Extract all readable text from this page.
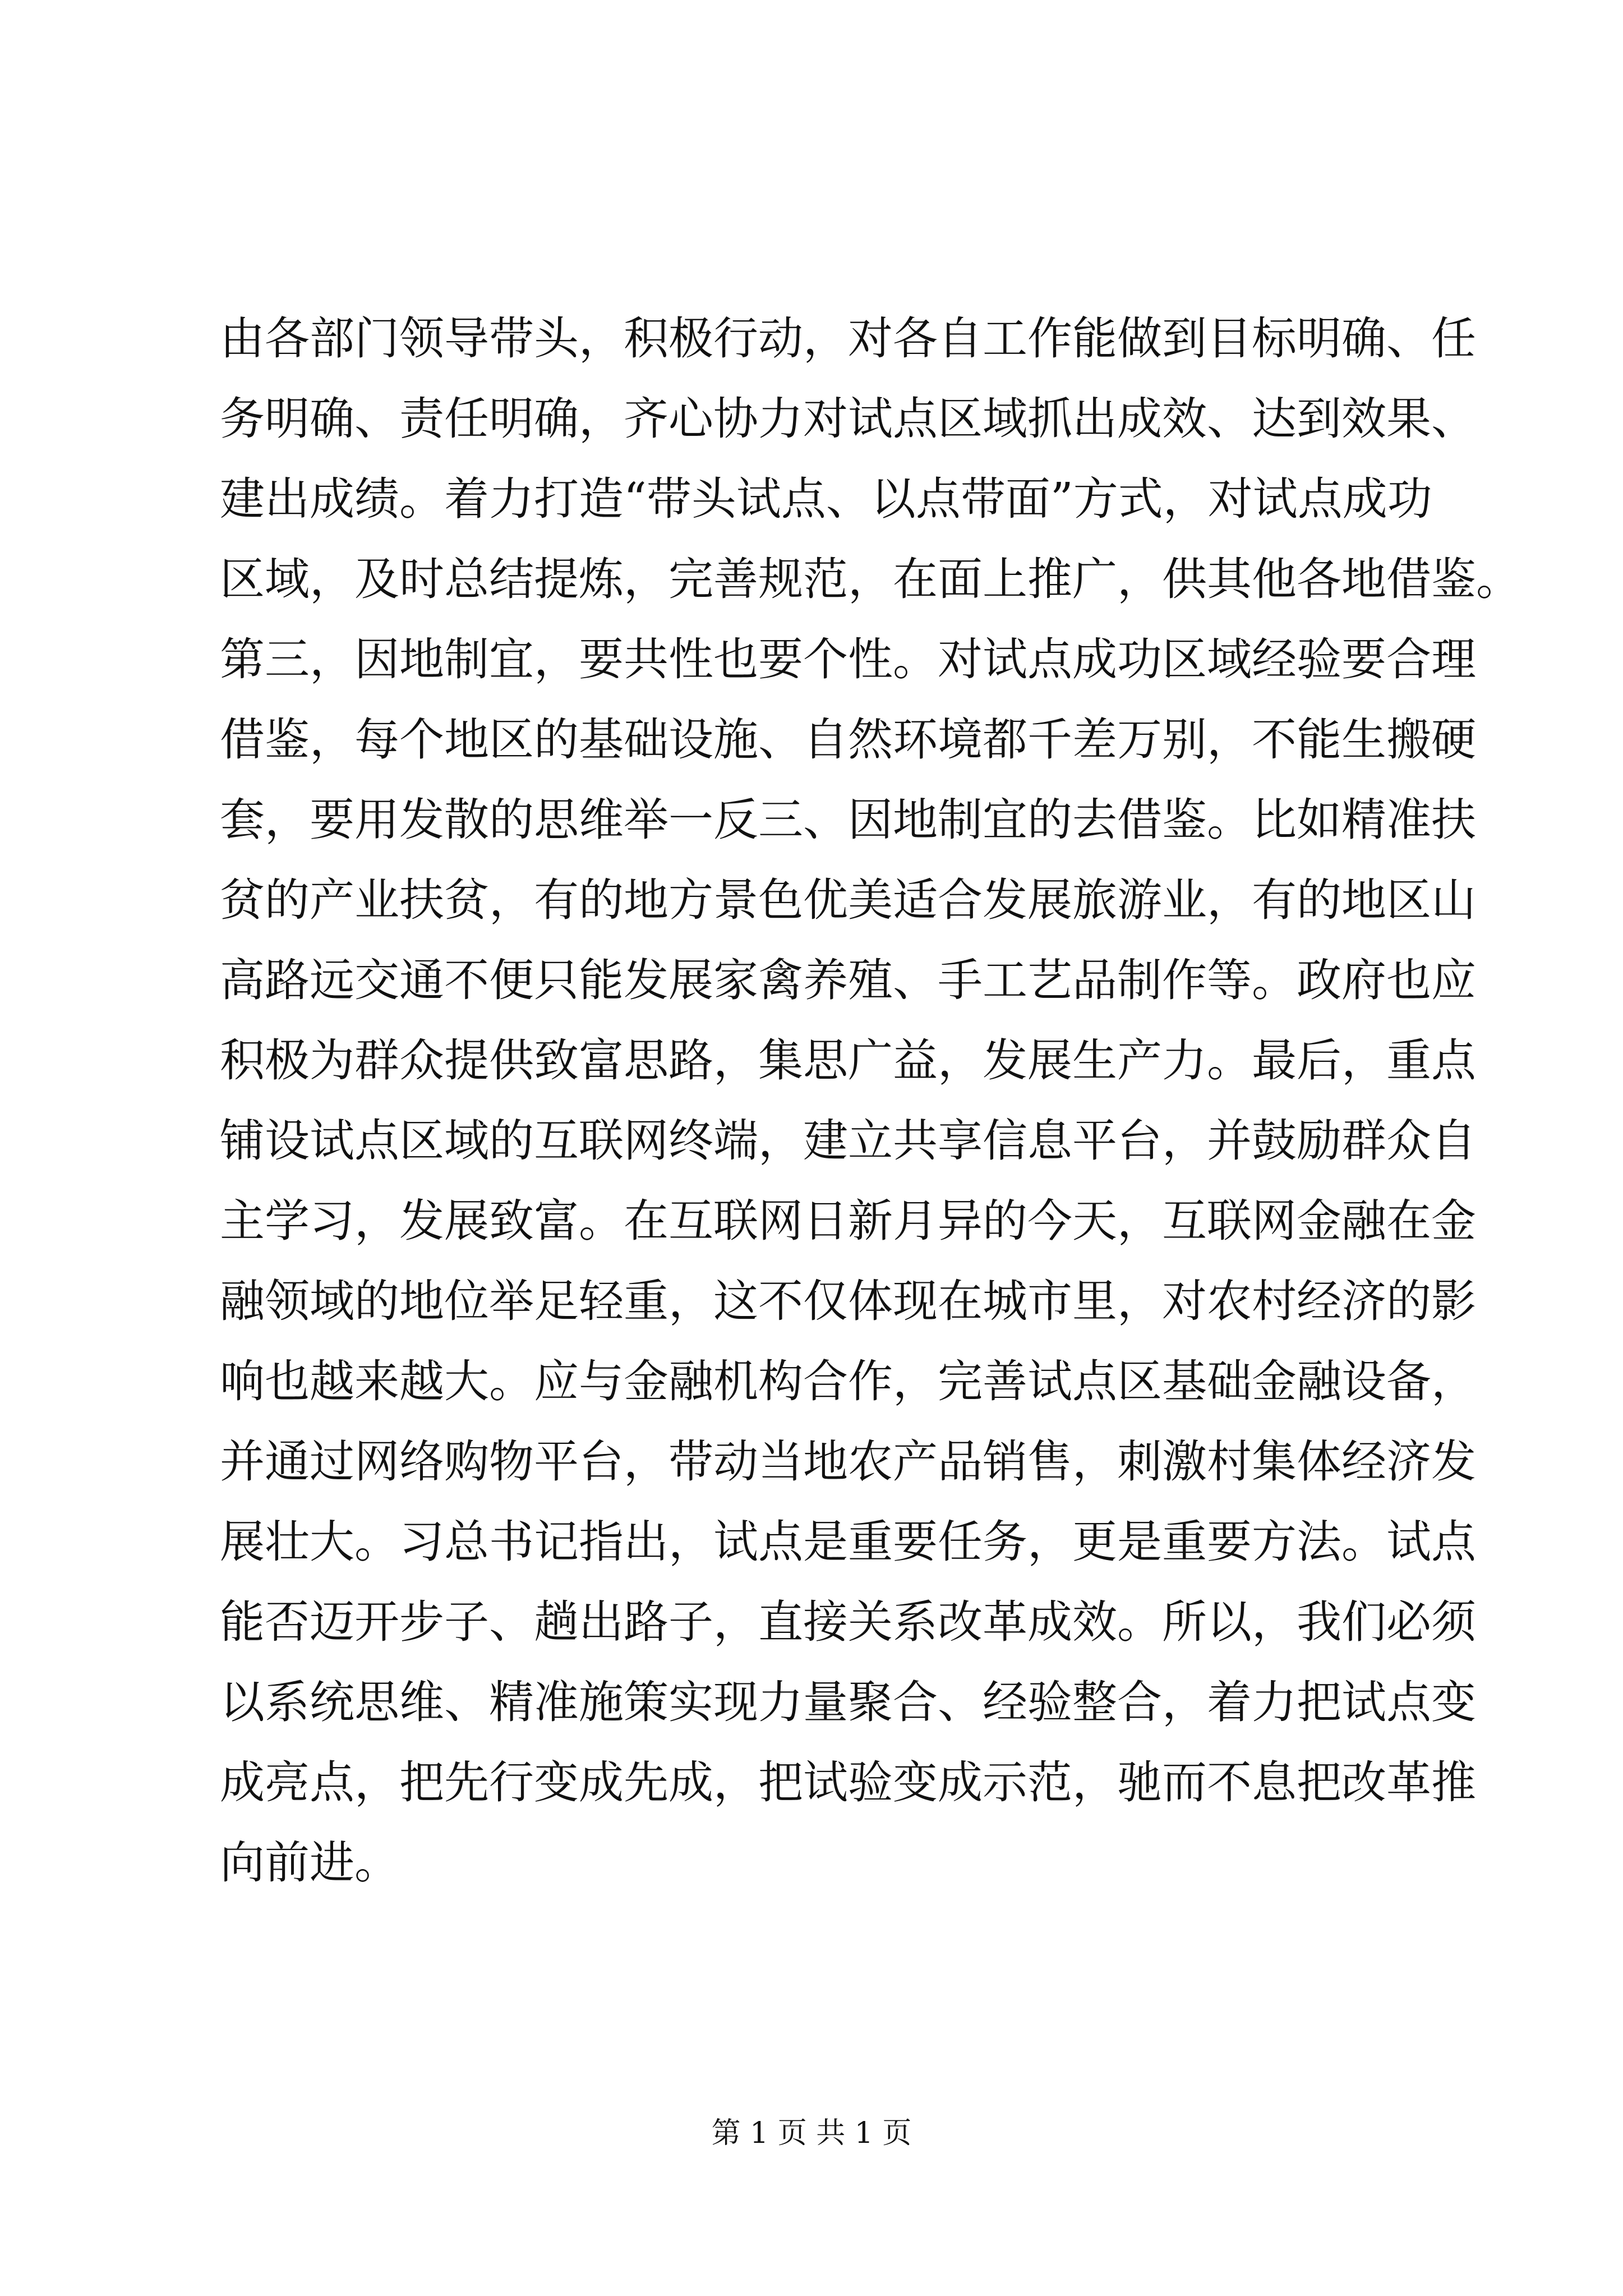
由各部门领导带头，积极行动，对各自工作能做到目标明确、任
务明确、责任明确，齐心协力对试点区域抓出成效、达到效果、
建出成绩。着力打造“带头试点、以点带面”方式，对试点成功
区域，及时总结提炼，完善规范，在面上推广，供其他各地借鉴。
第三，因地制宜，要共性也要个性。对试点成功区域经验要合理
借鉴，每个地区的基础设施、自然环境都千差万别，不能生搬硬
套，要用发散的思维举一反三、因地制宜的去借鉴。比如精准扶
贫的产业扶贫，有的地方景色优美适合发展旅游业，有的地区山
高路远交通不便只能发展家禽养殖、手工艺品制作等。政府也应
积极为群众提供致富思路，集思广益，发展生产力。最后，重点
铺设试点区域的互联网终端，建立共享信息平台，并鼓励群众自
主学习，发展致富。在互联网日新月异的今天，互联网金融在金
融领域的地位举足轻重，这不仅体现在城市里，对农村经济的影
响也越来越大。应与金融机构合作，完善试点区基础金融设备，
并通过网络购物平台，带动当地农产品销售，刺激村集体经济发
展壮大。习总书记指出，试点是重要任务，更是重要方法。试点
能否迈开步子、趟出路子，直接关系改革成效。所以，我们必须
以系统思维、精准施策实现力量聚合、经验整合，着力把试点变
成亮点，把先行变成先成，把试验变成示范，驰而不息把改革推
向前进。
第 1 页 共 1 页
